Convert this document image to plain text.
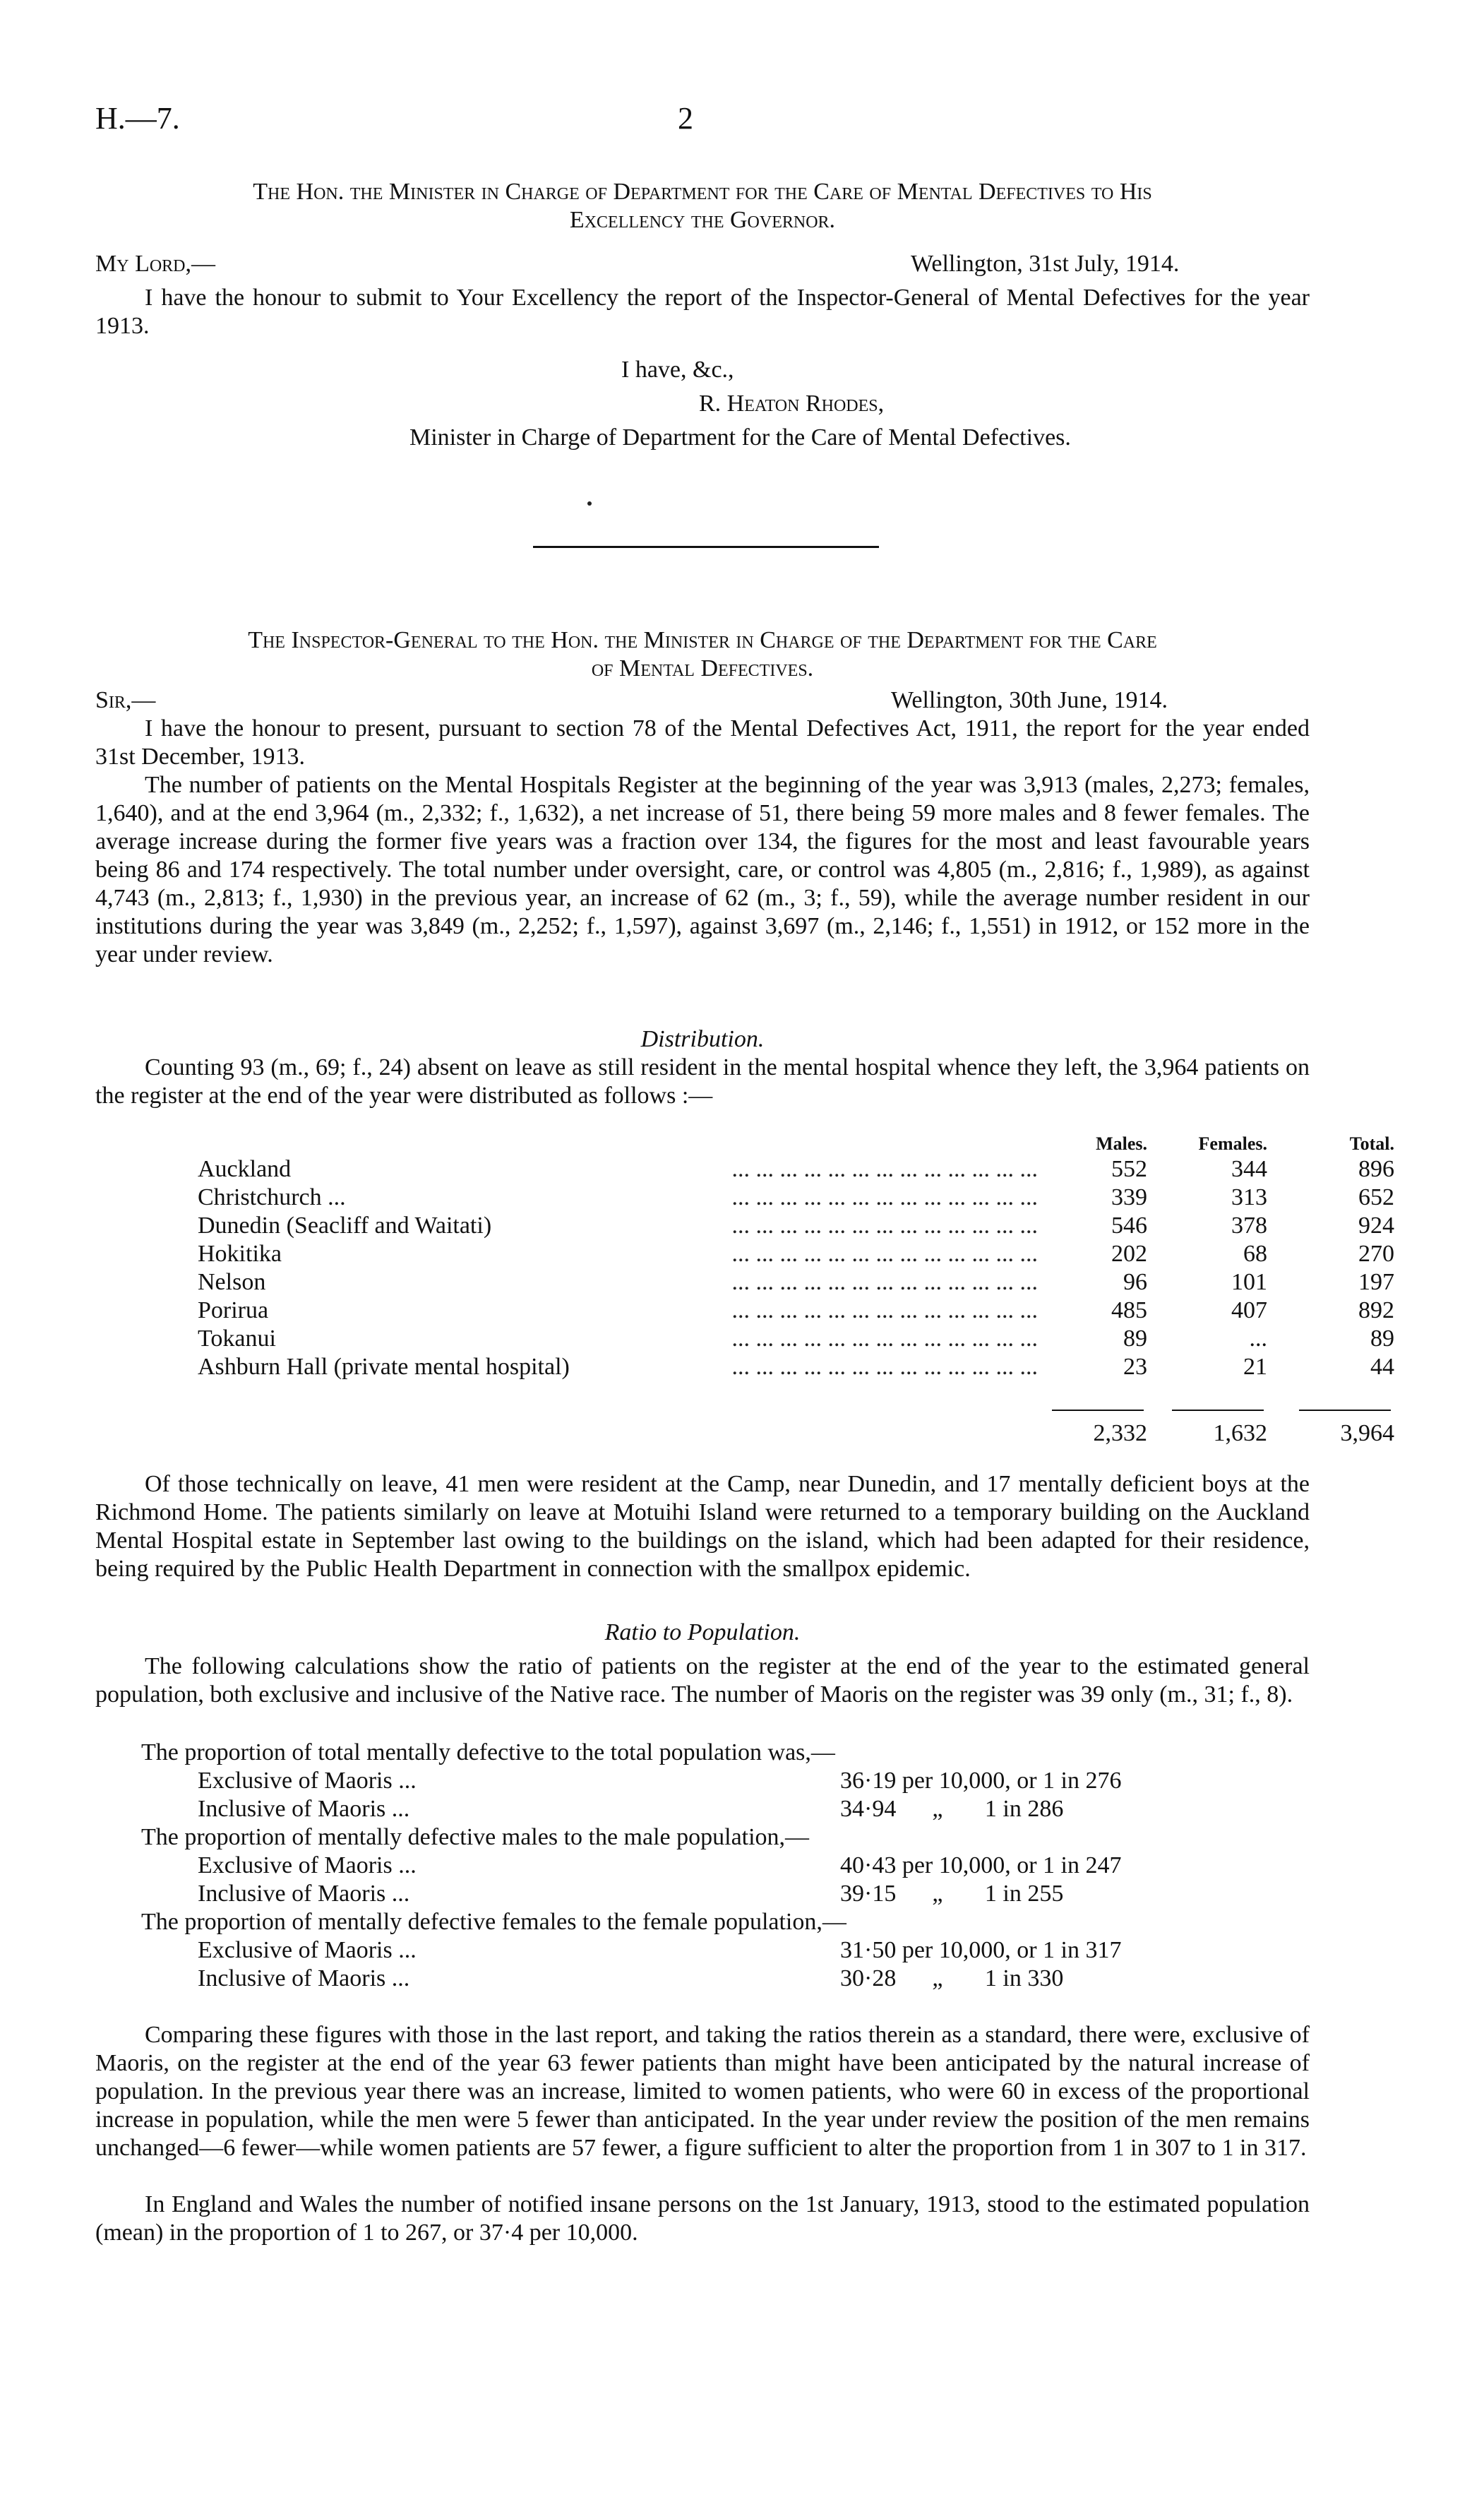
H.—7.	2
The Hon. the Minister in Charge of Department for the Care of Mental Defectives to His
Excellency the Governor.
My Lord,—	Wellington, 31st July, 1914.

I have the honour to submit to Your Excellency the report of the Inspector-General of Mental Defectives for the year 1913.

I have, &c.,
R. Heaton Rhodes,
Minister in Charge of Department for the Care of Mental Defectives.
The Inspector-General to the Hon. the Minister in Charge of the Department for the Care
of Mental Defectives.
Sir,—	Wellington, 30th June, 1914.

I have the honour to present, pursuant to section 78 of the Mental Defectives Act, 1911, the report for the year ended 31st December, 1913.

The number of patients on the Mental Hospitals Register at the beginning of the year was 3,913 (males, 2,273; females, 1,640), and at the end 3,964 (m., 2,332; f., 1,632), a net increase of 51, there being 59 more males and 8 fewer females. The average increase during the former five years was a fraction over 134, the figures for the most and least favourable years being 86 and 174 respectively. The total number under oversight, care, or control was 4,805 (m., 2,816; f., 1,989), as against 4,743 (m., 2,813; f., 1,930) in the previous year, an increase of 62 (m., 3; f., 59), while the average number resident in our institutions during the year was 3,849 (m., 2,252; f., 1,597), against 3,697 (m., 2,146; f., 1,551) in 1912, or 152 more in the year under review.

Distribution.

Counting 93 (m., 69; f., 24) absent on leave as still resident in the mental hospital whence they left, the 3,964 patients on the register at the end of the year were distributed as follows :—

Males.	Females.	Total.
Auckland	... ... ... ... ... ... ... ... ... ... ... ... ...	552	344	896
Christchurch ...	... ... ... ... ... ... ... ... ... ... ... ... ...	339	313	652
Dunedin (Seacliff and Waitati)	... ... ... ... ... ... ... ... ... ... ... ... ...	546	378	924
Hokitika	... ... ... ... ... ... ... ... ... ... ... ... ...	202	68	270
Nelson	... ... ... ... ... ... ... ... ... ... ... ... ...	96	101	197
Porirua	... ... ... ... ... ... ... ... ... ... ... ... ...	485	407	892
Tokanui	... ... ... ... ... ... ... ... ... ... ... ... ...	89	...	89
Ashburn Hall (private mental hospital)	... ... ... ... ... ... ... ... ... ... ... ... ...	23	21	44
2,332	1,632	3,964

Of those technically on leave, 41 men were resident at the Camp, near Dunedin, and 17 mentally deficient boys at the Richmond Home. The patients similarly on leave at Motuihi Island were returned to a temporary building on the Auckland Mental Hospital estate in September last owing to the buildings on the island, which had been adapted for their residence, being required by the Public Health Department in connection with the smallpox epidemic.

Ratio to Population.

The following calculations show the ratio of patients on the register at the end of the year to the estimated general population, both exclusive and inclusive of the Native race. The number of Maoris on the register was 39 only (m., 31; f., 8).

The proportion of total mentally defective to the total population was,—
Exclusive of Maoris ...	36·19 per 10,000, or 1 in 276
Inclusive of Maoris ...	34·94      „       1 in 286
The proportion of mentally defective males to the male population,—
Exclusive of Maoris ...	40·43 per 10,000, or 1 in 247
Inclusive of Maoris ...	39·15      „       1 in 255
The proportion of mentally defective females to the female population,—
Exclusive of Maoris ...	31·50 per 10,000, or 1 in 317
Inclusive of Maoris ...	30·28      „       1 in 330

Comparing these figures with those in the last report, and taking the ratios therein as a standard, there were, exclusive of Maoris, on the register at the end of the year 63 fewer patients than might have been anticipated by the natural increase of population. In the previous year there was an increase, limited to women patients, who were 60 in excess of the proportional increase in population, while the men were 5 fewer than anticipated. In the year under review the position of the men remains unchanged—6 fewer—while women patients are 57 fewer, a figure sufficient to alter the proportion from 1 in 307 to 1 in 317.

In England and Wales the number of notified insane persons on the 1st January, 1913, stood to the estimated population (mean) in the proportion of 1 to 267, or 37·4 per 10,000.
